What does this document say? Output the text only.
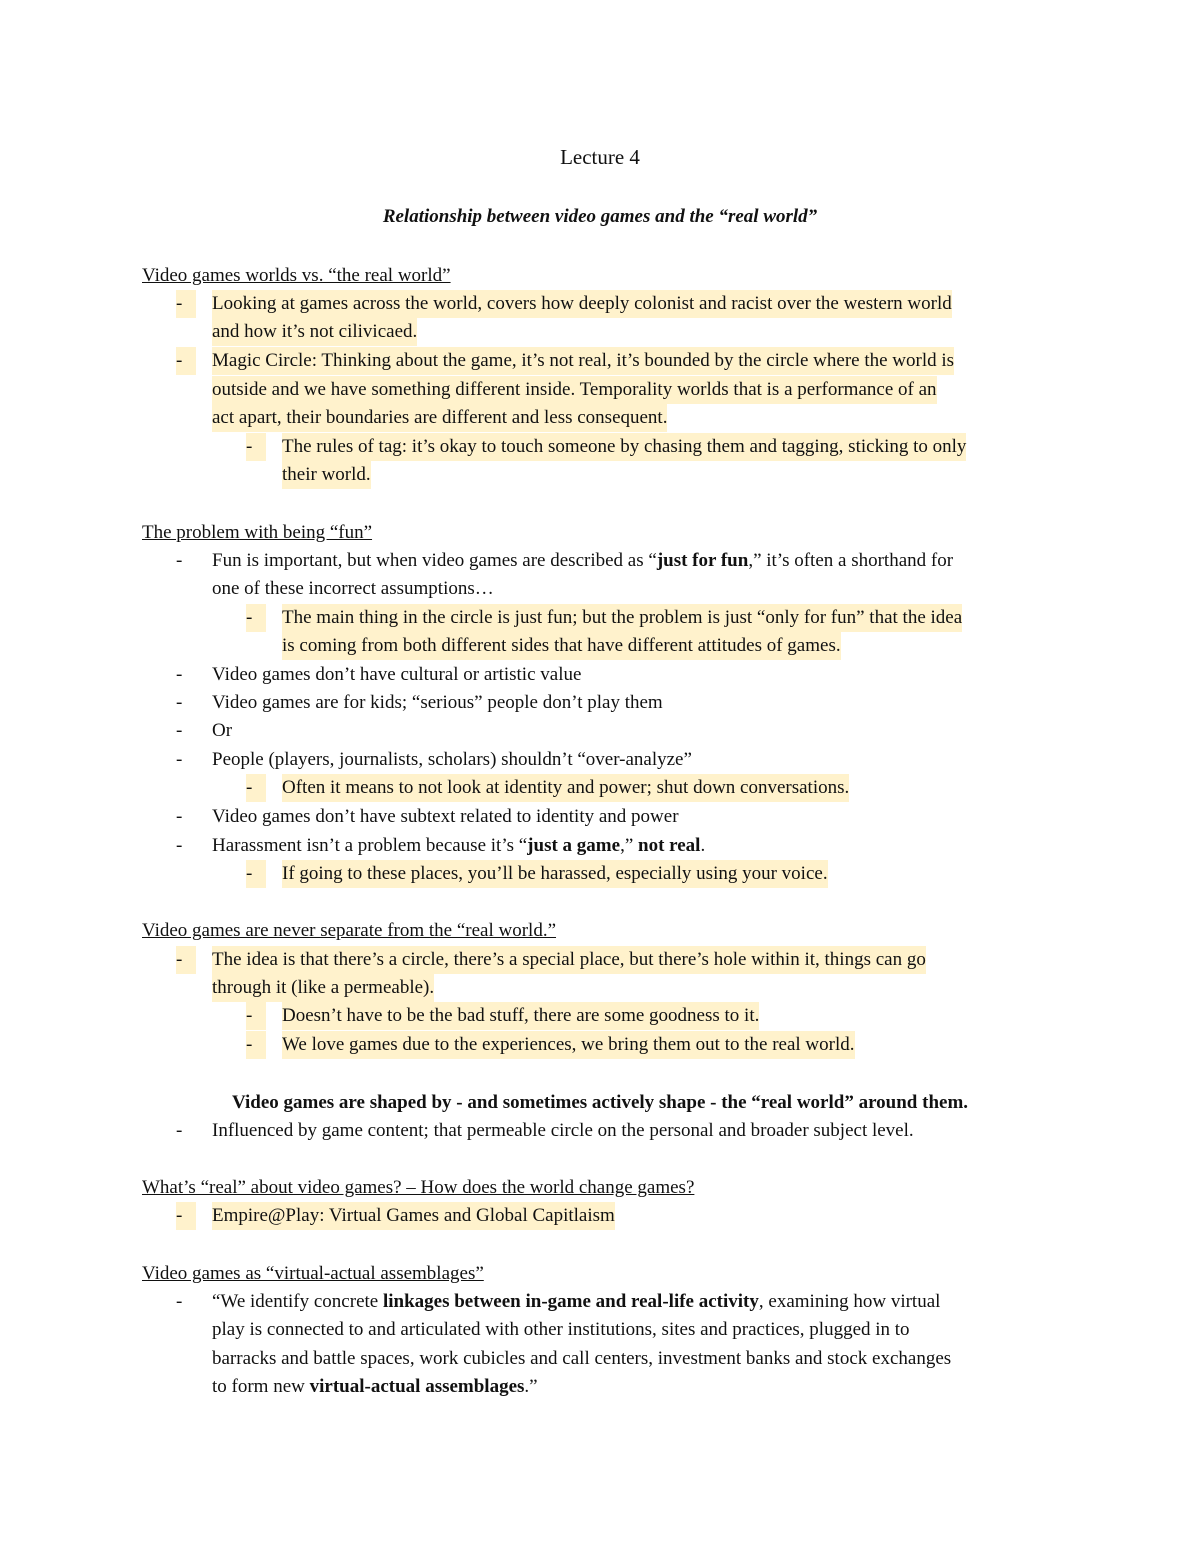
Lecture 4
Relationship between video games and the “real world”
Video games worlds vs. “the real world”
-	Looking at games across the world, covers how deeply colonist and racist over the western world
and how it’s not cilivicaed.
-	Magic Circle: Thinking about the game, it’s not real, it’s bounded by the circle where the world is
outside and we have something different inside. Temporality worlds that is a performance of an
act apart, their boundaries are different and less consequent.
-	The rules of tag: it’s okay to touch someone by chasing them and tagging, sticking to only
their world.
The problem with being “fun”
- Fun is important, but when video games are described as “just for fun,” it’s often a shorthand for
one of these incorrect assumptions…
-	The main thing in the circle is just fun; but the problem is just “only for fun” that the idea
is coming from both different sides that have different attitudes of games.
- Video games don’t have cultural or artistic value
- Video games are for kids; “serious” people don’t play them
- Or
- People (players, journalists, scholars) shouldn’t “over-analyze”
-	Often it means to not look at identity and power; shut down conversations.
- Video games don’t have subtext related to identity and power
- Harassment isn’t a problem because it’s “just a game,” not real.
-	If going to these places, you’ll be harassed, especially using your voice.
Video games are never separate from the “real world.”
-	The idea is that there’s a circle, there’s a special place, but there’s hole within it, things can go
through it (like a permeable).
-	Doesn’t have to be the bad stuff, there are some goodness to it.
-	We love games due to the experiences, we bring them out to the real world.
Video games are shaped by - and sometimes actively shape - the “real world” around them.
- Influenced by game content; that permeable circle on the personal and broader subject level.
What’s “real” about video games? – How does the world change games?
-	Empire@Play: Virtual Games and Global Capitlaism
Video games as “virtual-actual assemblages”
- “We identify concrete linkages between in-game and real-life activity, examining how virtual
play is connected to and articulated with other institutions, sites and practices, plugged in to
barracks and battle spaces, work cubicles and call centers, investment banks and stock exchanges
to form new virtual-actual assemblages.”
